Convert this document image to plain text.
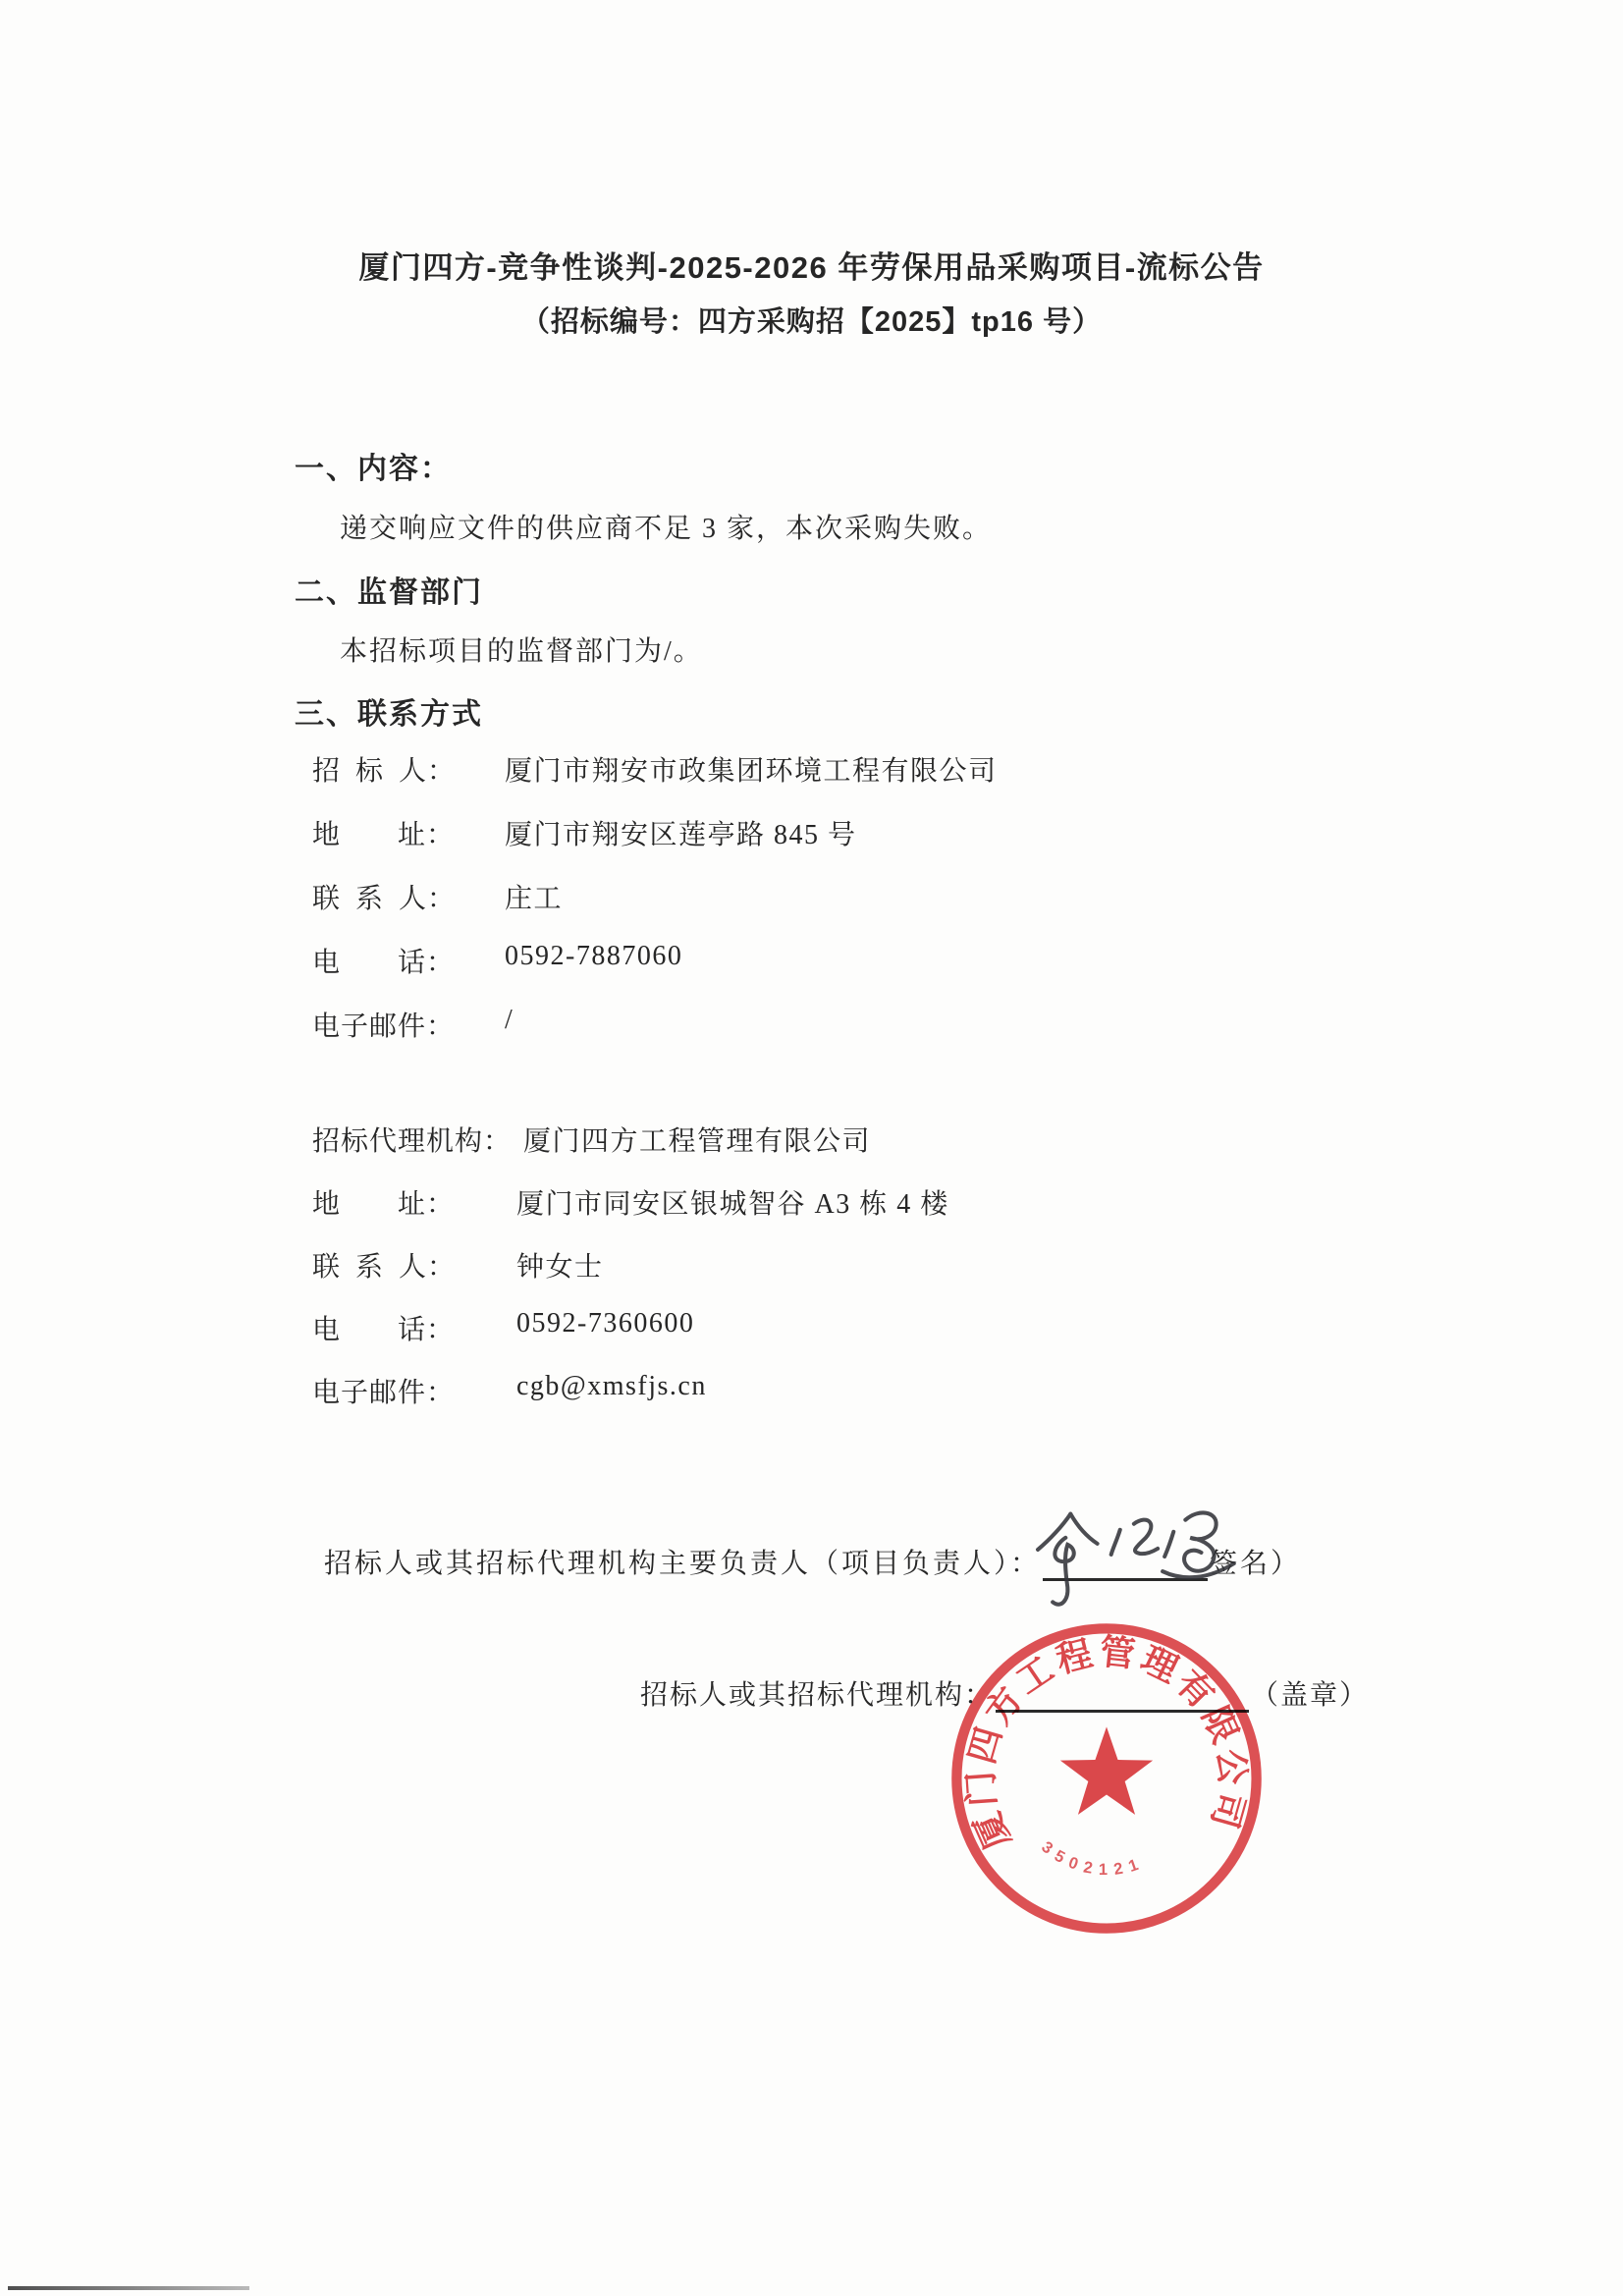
厦门四方-竞争性谈判-2025-2026 年劳保用品采购项目-流标公告
（招标编号：四方采购招【2025】tp16 号）
一、内容：
递交响应文件的供应商不足 3 家，本次采购失败。
二、监督部门
本招标项目的监督部门为/。
三、联系方式
招 标 人：	厦门市翔安市政集团环境工程有限公司
地　　址：	厦门市翔安区莲亭路 845 号
联 系 人：	庄工
电　　话：	0592-7887060
电子邮件：	/
招标代理机构： 厦门四方工程管理有限公司
地　　址：	厦门市同安区银城智谷 A3 栋 4 楼
联 系 人：	钟女士
电　　话：	0592-7360600
电子邮件：	cgb@xmsfjs.cn
招标人或其招标代理机构主要负责人（项目负责人）：	签名）
招标人或其招标代理机构：	（盖章）
厦门四方工程管理有限公司
3502121
